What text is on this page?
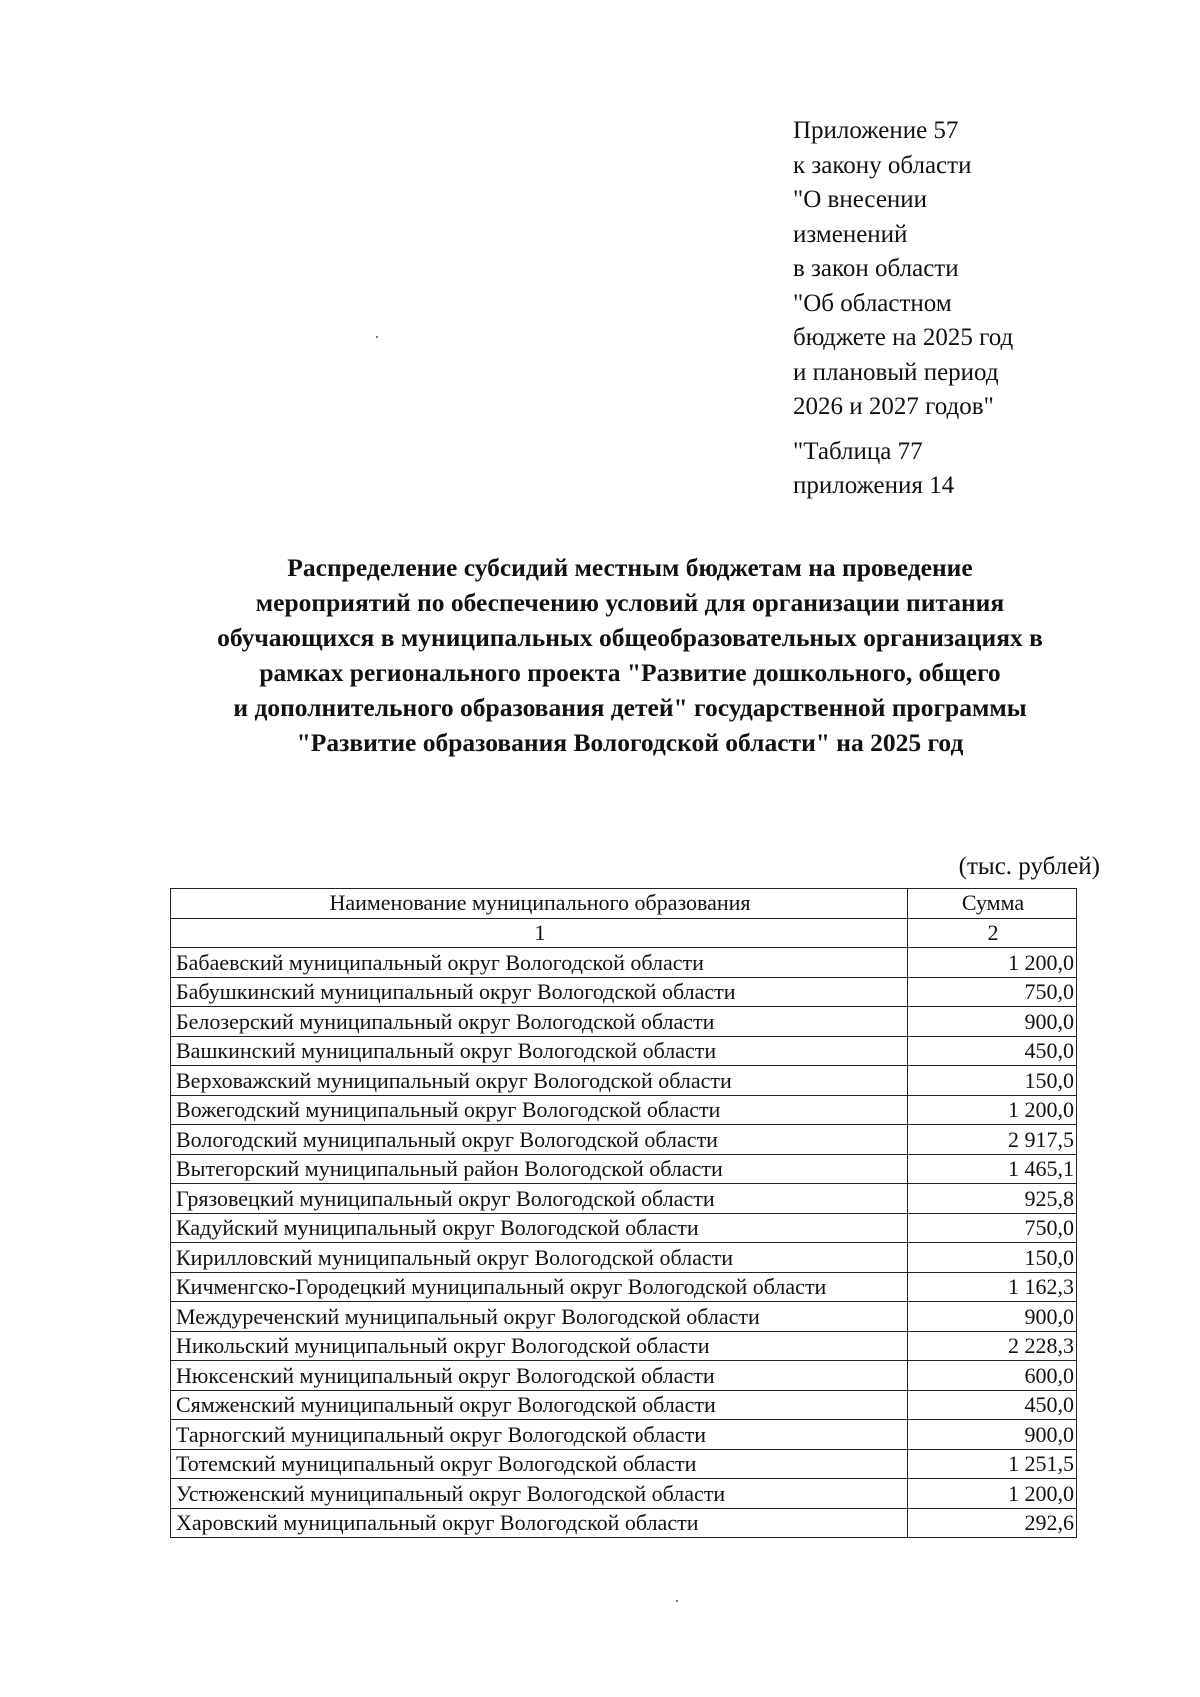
Приложение 57
к закону области
"О внесении
изменений
в закон области
"Об областном
бюджете на 2025 год
и плановый период
2026 и 2027 годов"
"Таблица 77
приложения 14
Распределение субсидий местным бюджетам на проведение
мероприятий по обеспечению условий для организации питания
обучающихся в муниципальных общеобразовательных организациях в
рамках регионального проекта "Развитие дошкольного, общего
и дополнительного образования детей" государственной программы
"Развитие образования Вологодской области" на 2025 год
(тыс. рублей)
Наименование муниципального образования	Сумма
1	2
Бабаевский муниципальный округ Вологодской области	1 200,0
Бабушкинский муниципальный округ Вологодской области	750,0
Белозерский муниципальный округ Вологодской области	900,0
Вашкинский муниципальный округ Вологодской области	450,0
Верховажский муниципальный округ Вологодской области	150,0
Вожегодский муниципальный округ Вологодской области	1 200,0
Вологодский муниципальный округ Вологодской области	2 917,5
Вытегорский муниципальный район Вологодской области	1 465,1
Грязовецкий муниципальный округ Вологодской области	925,8
Кадуйский муниципальный округ Вологодской области	750,0
Кирилловский муниципальный округ Вологодской области	150,0
Кичменгско-Городецкий муниципальный округ Вологодской области	1 162,3
Междуреченский муниципальный округ Вологодской области	900,0
Никольский муниципальный округ Вологодской области	2 228,3
Нюксенский муниципальный округ Вологодской области	600,0
Сямженский муниципальный округ Вологодской области	450,0
Тарногский муниципальный округ Вологодской области	900,0
Тотемский муниципальный округ Вологодской области	1 251,5
Устюженский муниципальный округ Вологодской области	1 200,0
Харовский муниципальный округ Вологодской области	292,6
